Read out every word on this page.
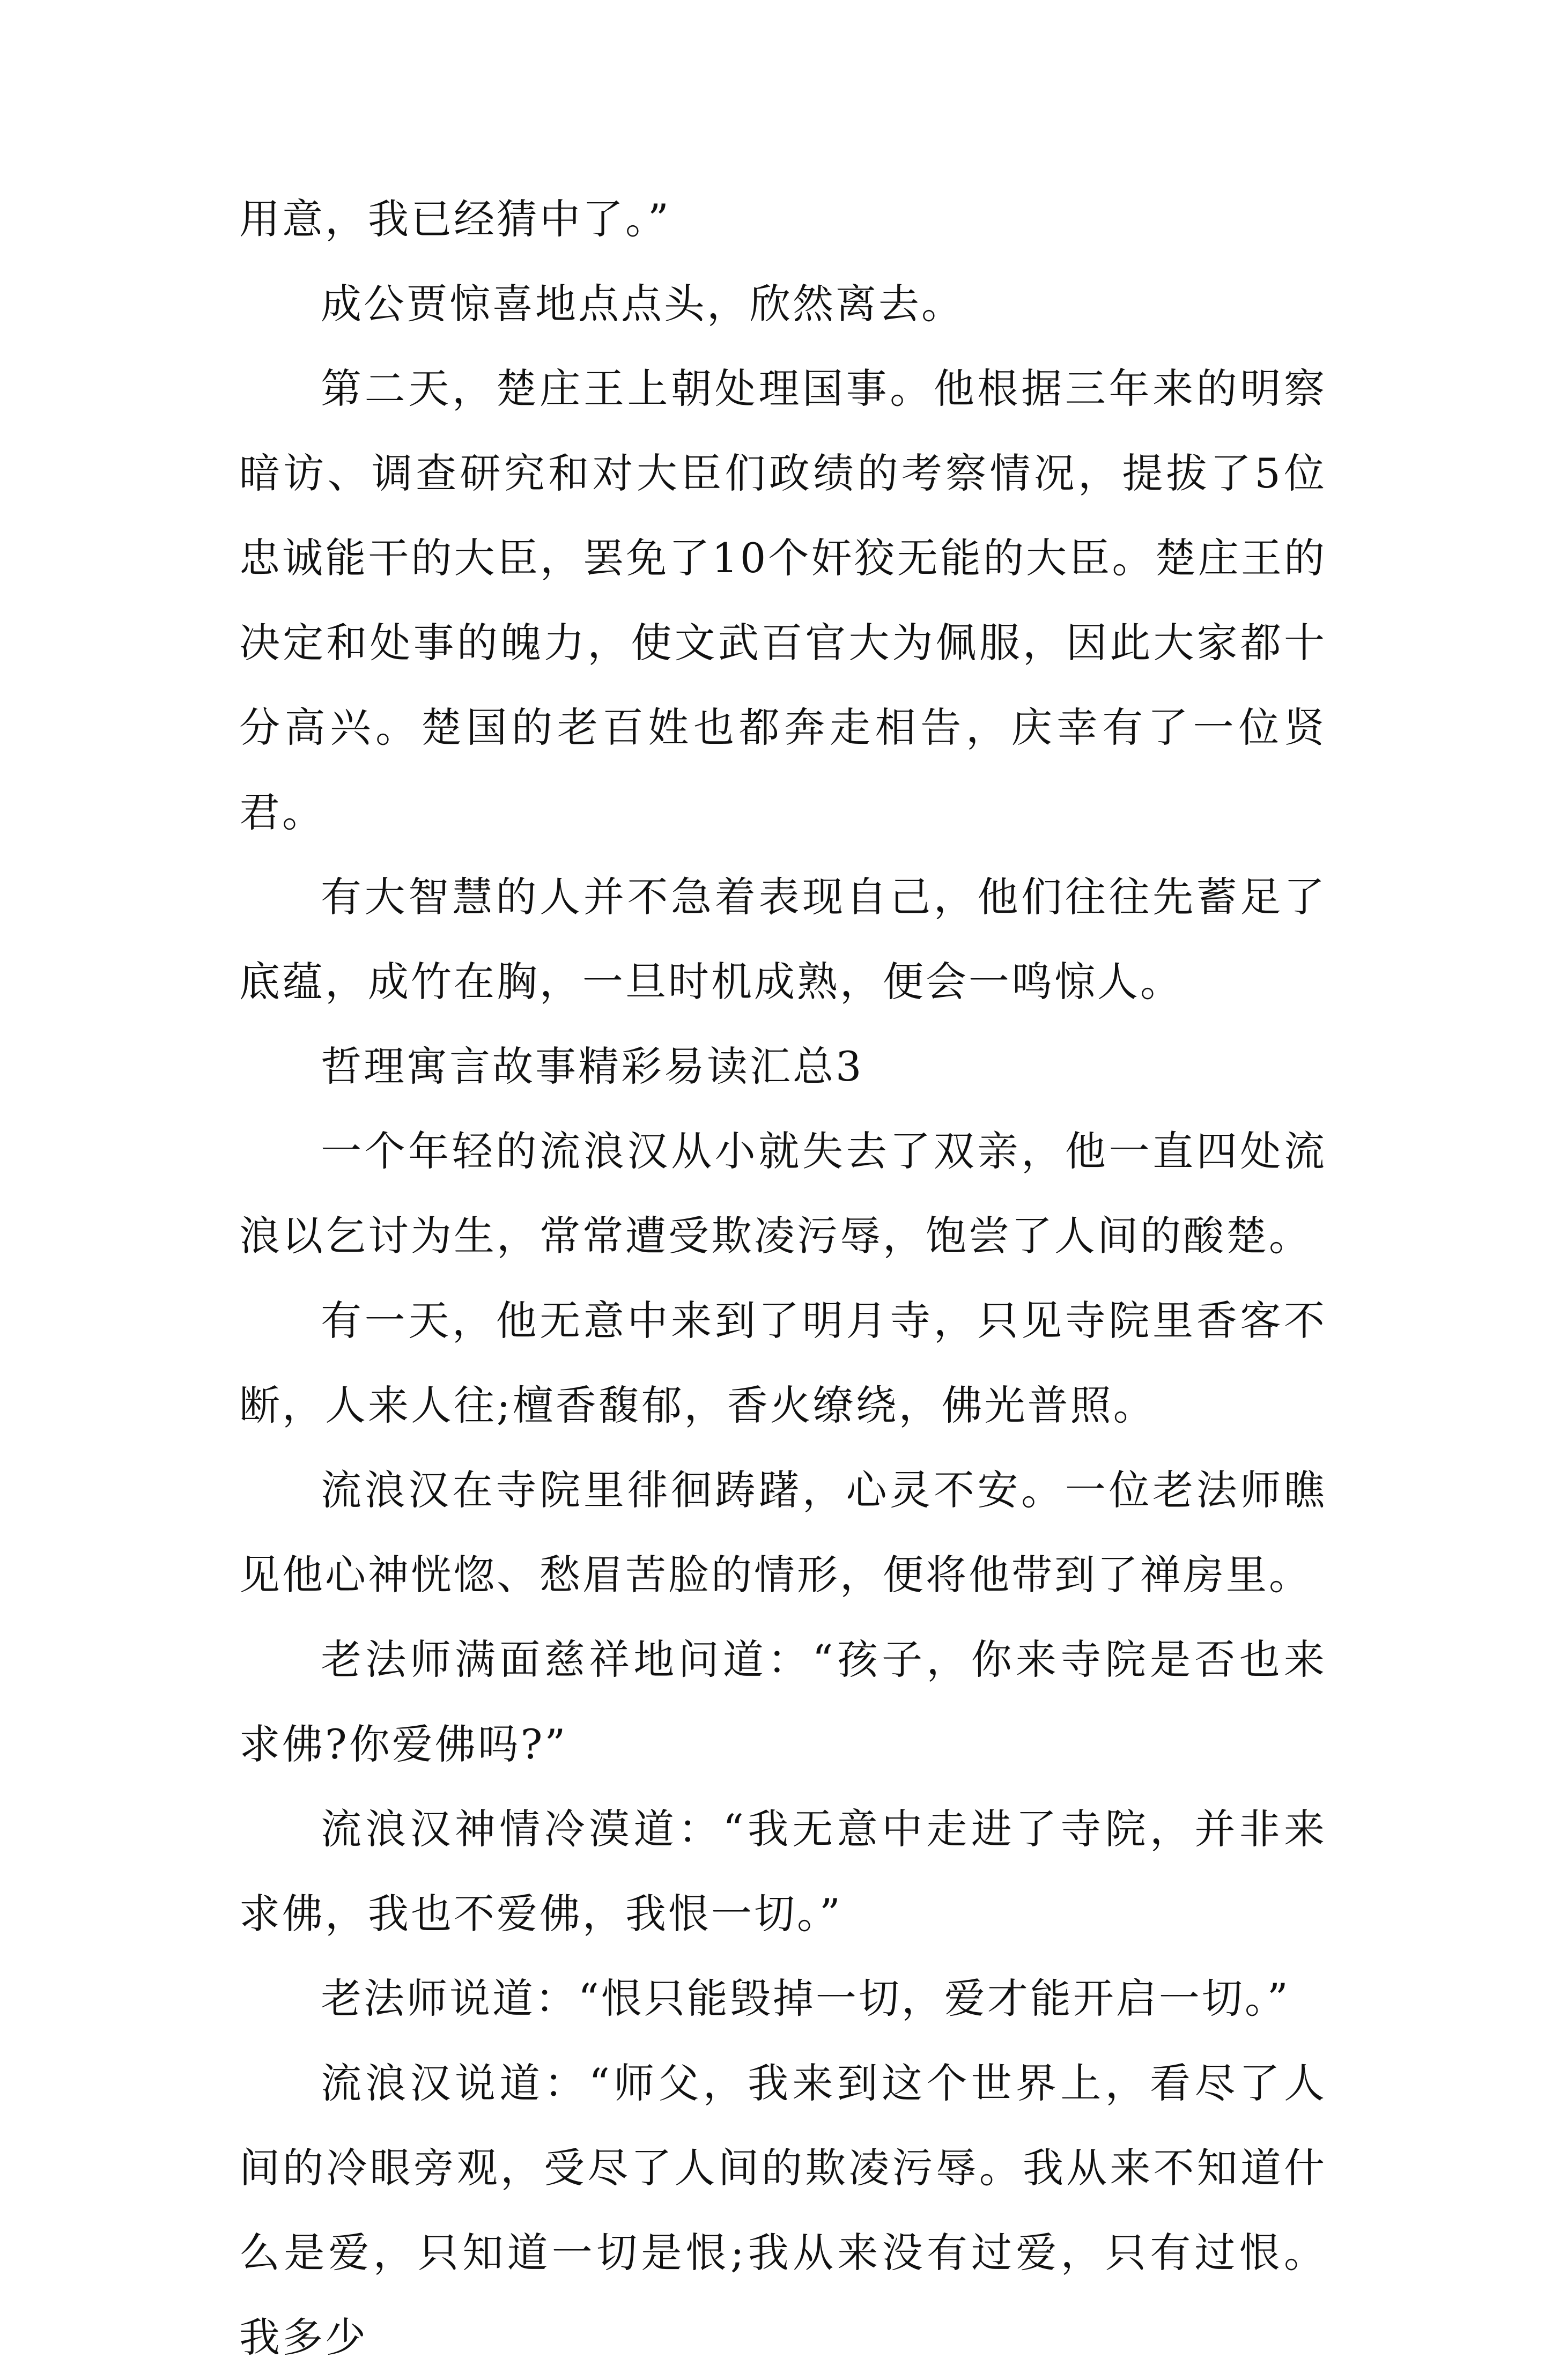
用意，我已经猜中了。”

成公贾惊喜地点点头，欣然离去。

第二天，楚庄王上朝处理国事。他根据三年来的明察暗访、调查研究和对大臣们政绩的考察情况，提拔了5位忠诚能干的大臣，罢免了10个奸狡无能的大臣。楚庄王的决定和处事的魄力，使文武百官大为佩服，因此大家都十分高兴。楚国的老百姓也都奔走相告，庆幸有了一位贤君。

有大智慧的人并不急着表现自己，他们往往先蓄足了底蕴，成竹在胸，一旦时机成熟，便会一鸣惊人。

哲理寓言故事精彩易读汇总3

一个年轻的流浪汉从小就失去了双亲，他一直四处流浪以乞讨为生，常常遭受欺凌污辱，饱尝了人间的酸楚。

有一天，他无意中来到了明月寺，只见寺院里香客不断，人来人往;檀香馥郁，香火缭绕，佛光普照。

流浪汉在寺院里徘徊踌躇，心灵不安。一位老法师瞧见他心神恍惚、愁眉苦脸的情形，便将他带到了禅房里。

老法师满面慈祥地问道：“孩子，你来寺院是否也来求佛?你爱佛吗?”

流浪汉神情冷漠道：“我无意中走进了寺院，并非来求佛，我也不爱佛，我恨一切。”

老法师说道：“恨只能毁掉一切，爱才能开启一切。”

流浪汉说道：“师父，我来到这个世界上，看尽了人间的冷眼旁观，受尽了人间的欺凌污辱。我从来不知道什么是爱，只知道一切是恨;我从来没有过爱，只有过恨。我多少
